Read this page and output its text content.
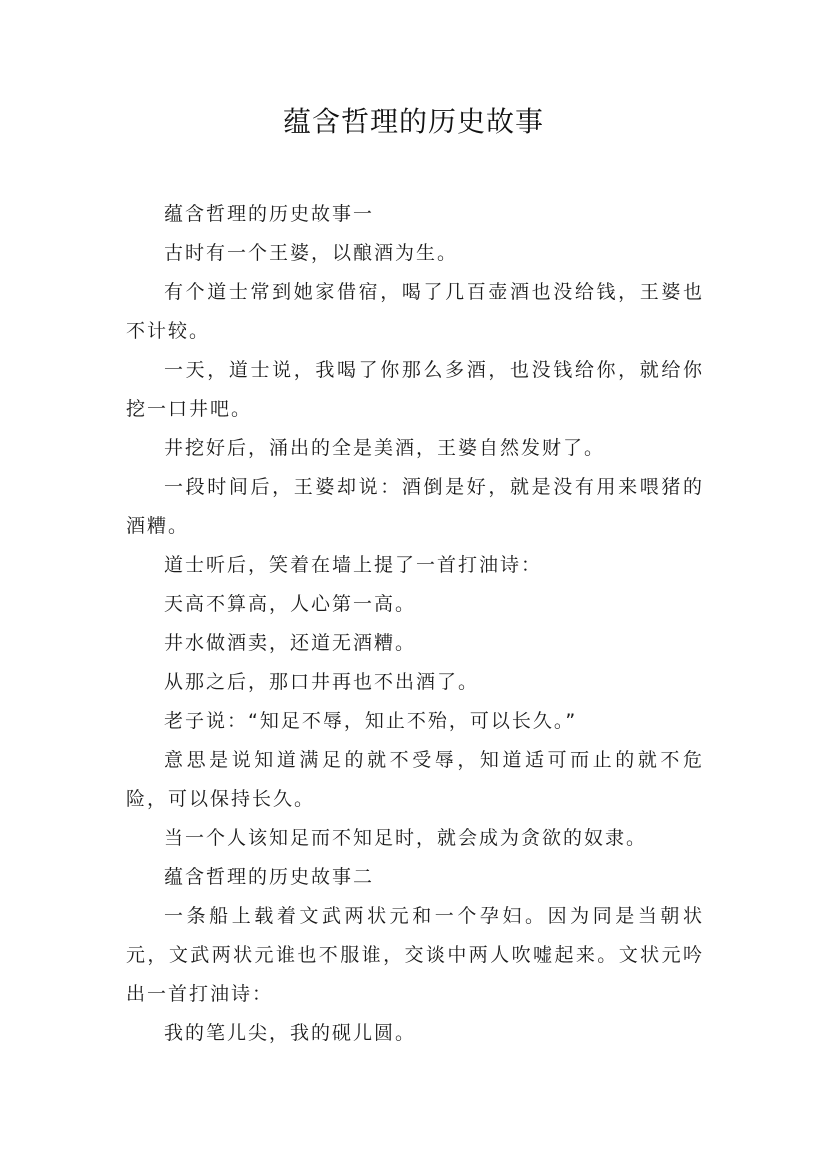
蕴含哲理的历史故事

蕴含哲理的历史故事一

古时有一个王婆，以酿酒为生。

有个道士常到她家借宿，喝了几百壶酒也没给钱，王婆也不计较。

一天，道士说，我喝了你那么多酒，也没钱给你，就给你挖一口井吧。

井挖好后，涌出的全是美酒，王婆自然发财了。

一段时间后，王婆却说：酒倒是好，就是没有用来喂猪的酒糟。

道士听后，笑着在墙上提了一首打油诗：

天高不算高，人心第一高。

井水做酒卖，还道无酒糟。

从那之后，那口井再也不出酒了。

老子说：“知足不辱，知止不殆，可以长久。”

意思是说知道满足的就不受辱，知道适可而止的就不危险，可以保持长久。

当一个人该知足而不知足时，就会成为贪欲的奴隶。

蕴含哲理的历史故事二

一条船上载着文武两状元和一个孕妇。因为同是当朝状元，文武两状元谁也不服谁，交谈中两人吹嘘起来。文状元吟出一首打油诗：

我的笔儿尖，我的砚儿圆。
